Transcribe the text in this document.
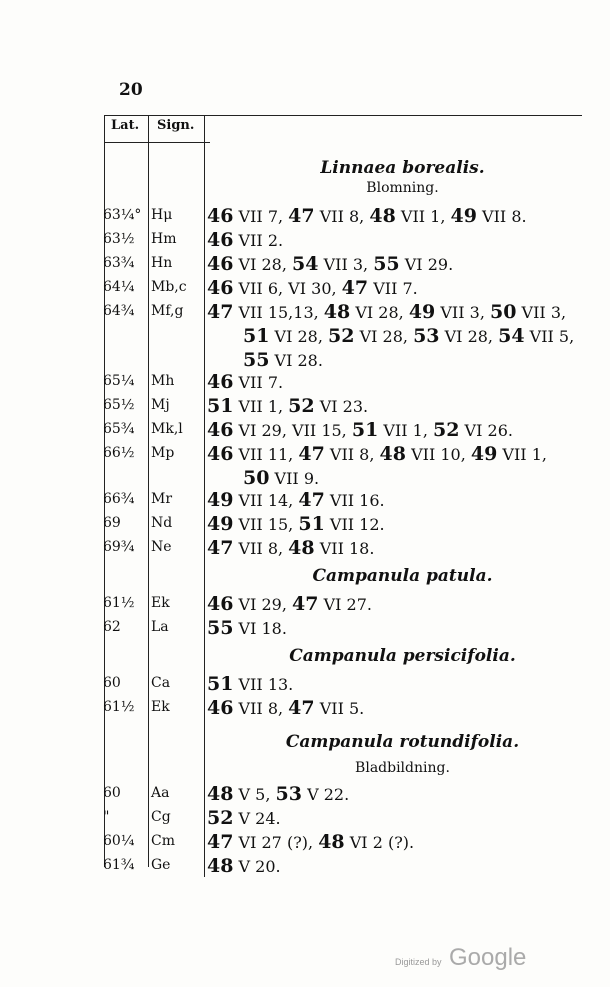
20
Lat. Sign.
Linnaea borealis.
Blomning.
63¼° Hμ 46 VII 7, 47 VII 8, 48 VII 1, 49 VII 8.
63½ Hm 46 VII 2.
63¾ Hn 46 VI 28, 54 VII 3, 55 VI 29.
64¼ Mb,c 46 VII 6, VI 30, 47 VII 7.
64¾ Mf,g 47 VII 15,13, 48 VI 28, 49 VII 3, 50 VII 3,
51 VI 28, 52 VI 28, 53 VI 28, 54 VII 5,
55 VI 28.
65¼ Mh 46 VII 7.
65½ Mj 51 VII 1, 52 VI 23.
65¾ Mk,l 46 VI 29, VII 15, 51 VII 1, 52 VI 26.
66½ Mp 46 VII 11, 47 VII 8, 48 VII 10, 49 VII 1,
50 VII 9.
66¾ Mr 49 VII 14, 47 VII 16.
69 Nd 49 VII 15, 51 VII 12.
69¾ Ne 47 VII 8, 48 VII 18.
Campanula patula.
61½ Ek 46 VI 29, 47 VI 27.
62 La 55 VI 18.
Campanula persicifolia.
60 Ca 51 VII 13.
61½ Ek 46 VII 8, 47 VII 5.
Campanula rotundifolia.
Bladbildning.
60 Aa 48 V 5, 53 V 22.
"	Cg 52 V 24.
60¼ Cm 47 VI 27 (?), 48 VI 2 (?).
61¾ Ge 48 V 20.
Digitized by Google
